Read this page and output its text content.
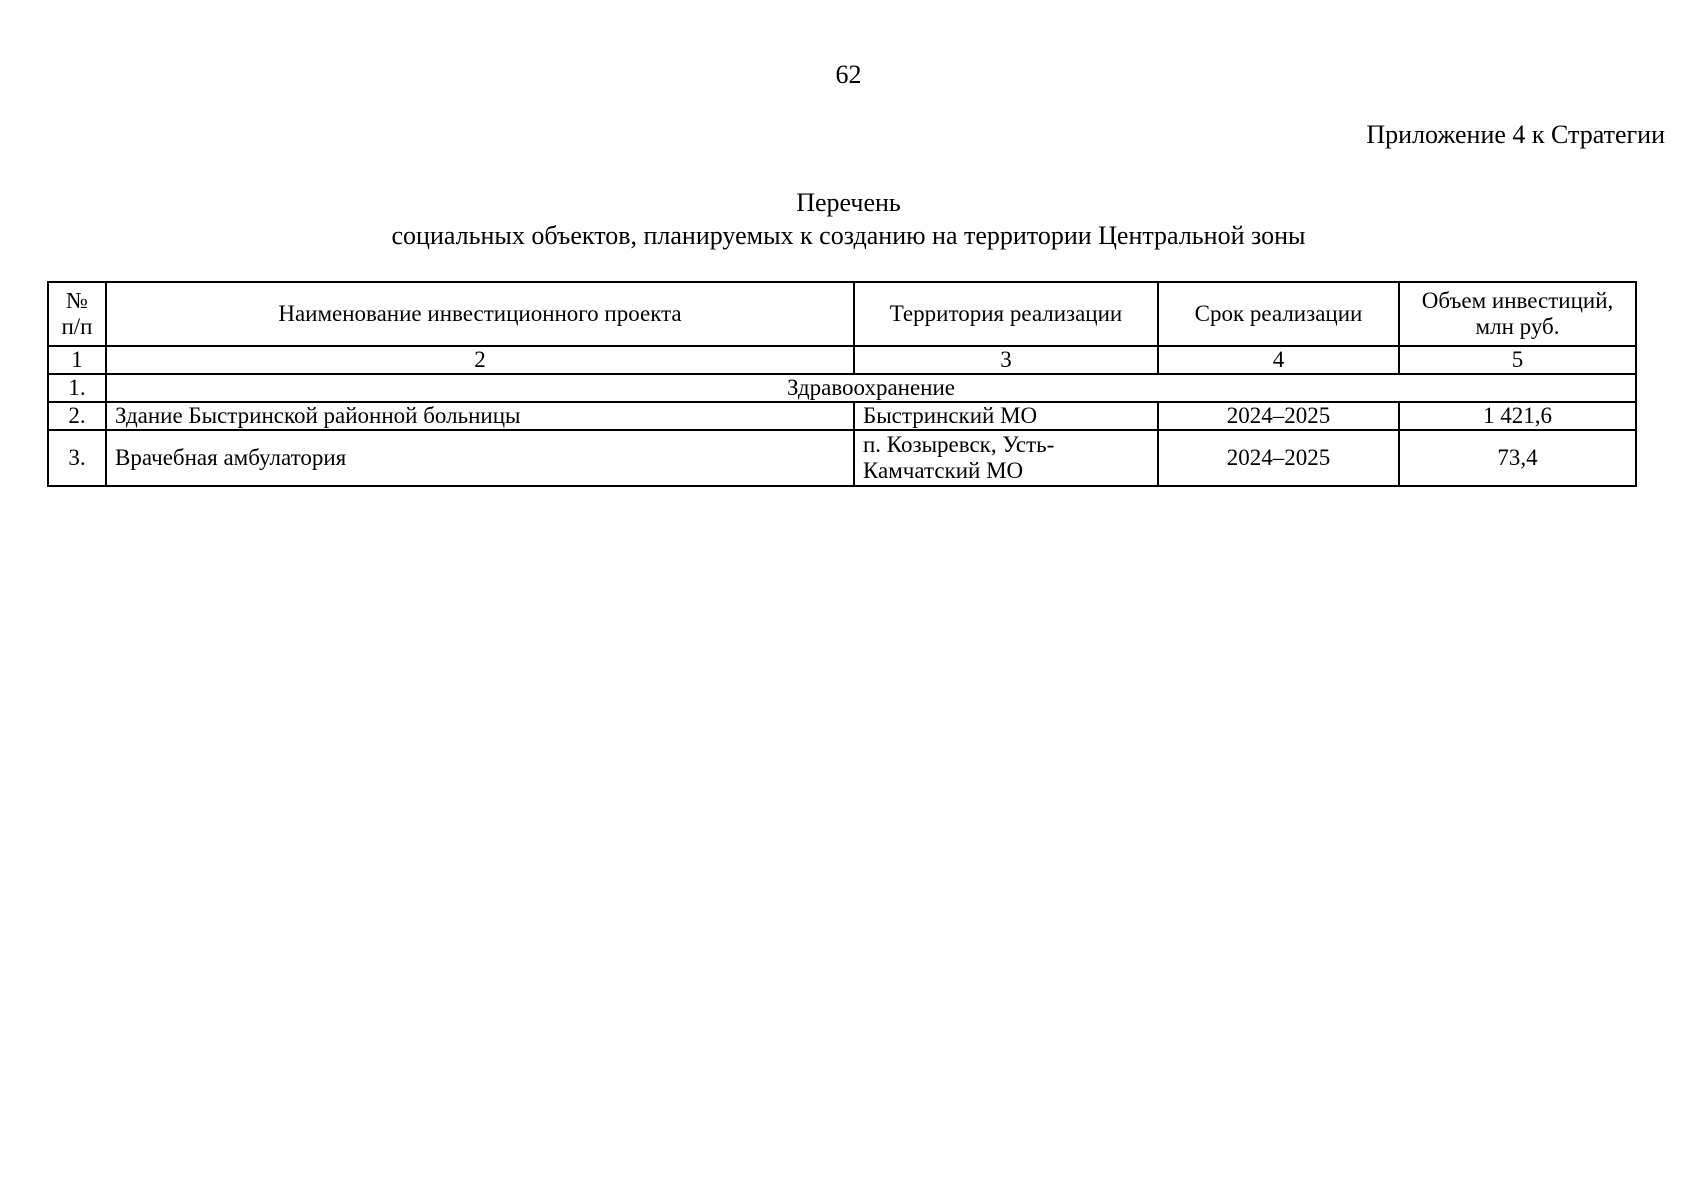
62
Приложение 4 к Стратегии
Перечень
социальных объектов, планируемых к созданию на территории Центральной зоны
№
п/п	Наименование инвестиционного проекта	Территория реализации	Срок реализации	Объем инвестиций, млн руб.
1	2	3	4	5
1.	Здравоохранение			
2.	Здание Быстринской районной больницы	Быстринский МО	2024–2025	1 421,6
3.	Врачебная амбулатория	п. Козыревск, Усть-Камчатский МО	2024–2025	73,4
